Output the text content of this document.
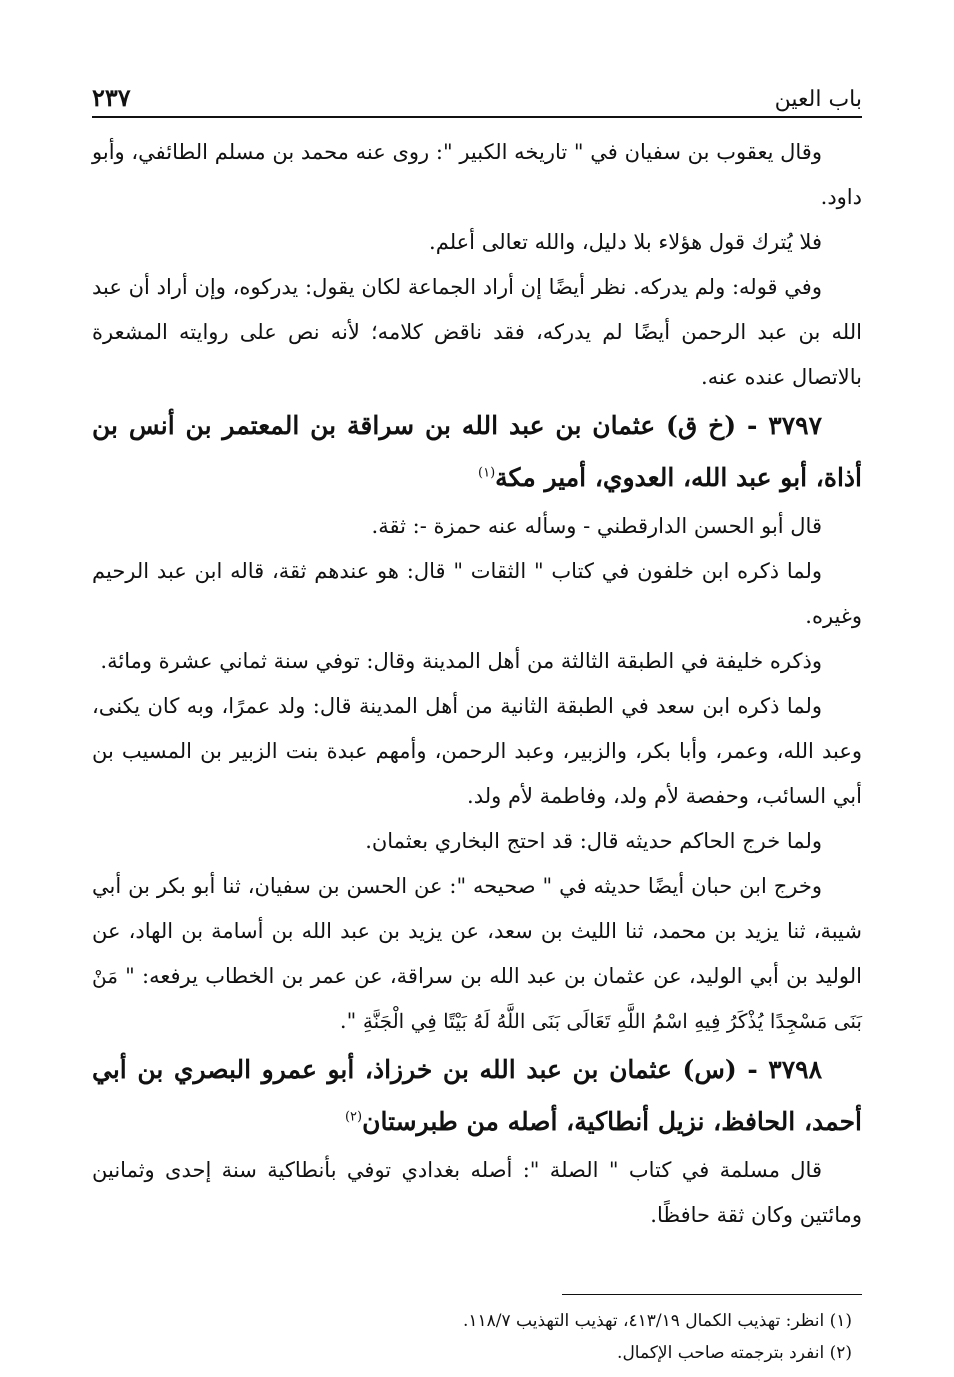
باب العين
٢٣٧

وقال يعقوب بن سفيان في " تاريخه الكبير ": روى عنه محمد بن مسلم الطائفي، وأبو داود.

فلا يُترك قول هؤلاء بلا دليل، والله تعالى أعلم.

وفي قوله: ولم يدركه. نظر أيضًا إن أراد الجماعة لكان يقول: يدركوه، وإن أراد أن عبد الله بن عبد الرحمن أيضًا لم يدركه، فقد ناقض كلامه؛ لأنه نص على روايته المشعرة بالاتصال عنده عنه.

٣٧٩٧ - (خ ق) عثمان بن عبد الله بن سراقة بن المعتمر بن أنس بن أذاة، أبو عبد الله، العدوي، أمير مكة$^{(١)}$

قال أبو الحسن الدارقطني - وسأله عنه حمزة -: ثقة.

ولما ذكره ابن خلفون في كتاب " الثقات " قال: هو عندهم ثقة، قاله ابن عبد الرحيم وغيره.

وذكره خليفة في الطبقة الثالثة من أهل المدينة وقال: توفي سنة ثماني عشرة ومائة.

ولما ذكره ابن سعد في الطبقة الثانية من أهل المدينة قال: ولد عمرًا، وبه كان يكنى، وعبد الله، وعمر، وأبا بكر، والزبير، وعبد الرحمن، وأمهم عبدة بنت الزبير بن المسيب بن أبي السائب، وحفصة لأم ولد، وفاطمة لأم ولد.

ولما خرج الحاكم حديثه قال: قد احتج البخاري بعثمان.

وخرج ابن حبان أيضًا حديثه في " صحيحه ": عن الحسن بن سفيان، ثنا أبو بكر بن أبي شيبة، ثنا يزيد بن محمد، ثنا الليث بن سعد، عن يزيد بن عبد الله بن أسامة بن الهاد، عن الوليد بن أبي الوليد، عن عثمان بن عبد الله بن سراقة، عن عمر بن الخطاب يرفعه: " مَنْ بَنَى مَسْجِدًا يُذْكَرُ فِيهِ اسْمُ اللَّهِ تَعَالَى بَنَى اللَّهُ لَهُ بَيْتًا فِي الْجَنَّةِ ".

٣٧٩٨ - (س) عثمان بن عبد الله بن خرزاذ، أبو عمرو البصري بن أبي أحمد، الحافظ، نزيل أنطاكية، أصله من طبرستان$^{(٢)}$

قال مسلمة في كتاب " الصلة ": أصله بغدادي توفي بأنطاكية سنة إحدى وثمانين ومائتين وكان ثقة حافظًا.

(١) انظر: تهذيب الكمال ٤١٣/١٩، تهذيب التهذيب ١١٨/٧.

(٢) انفرد بترجمته صاحب الإكمال.
